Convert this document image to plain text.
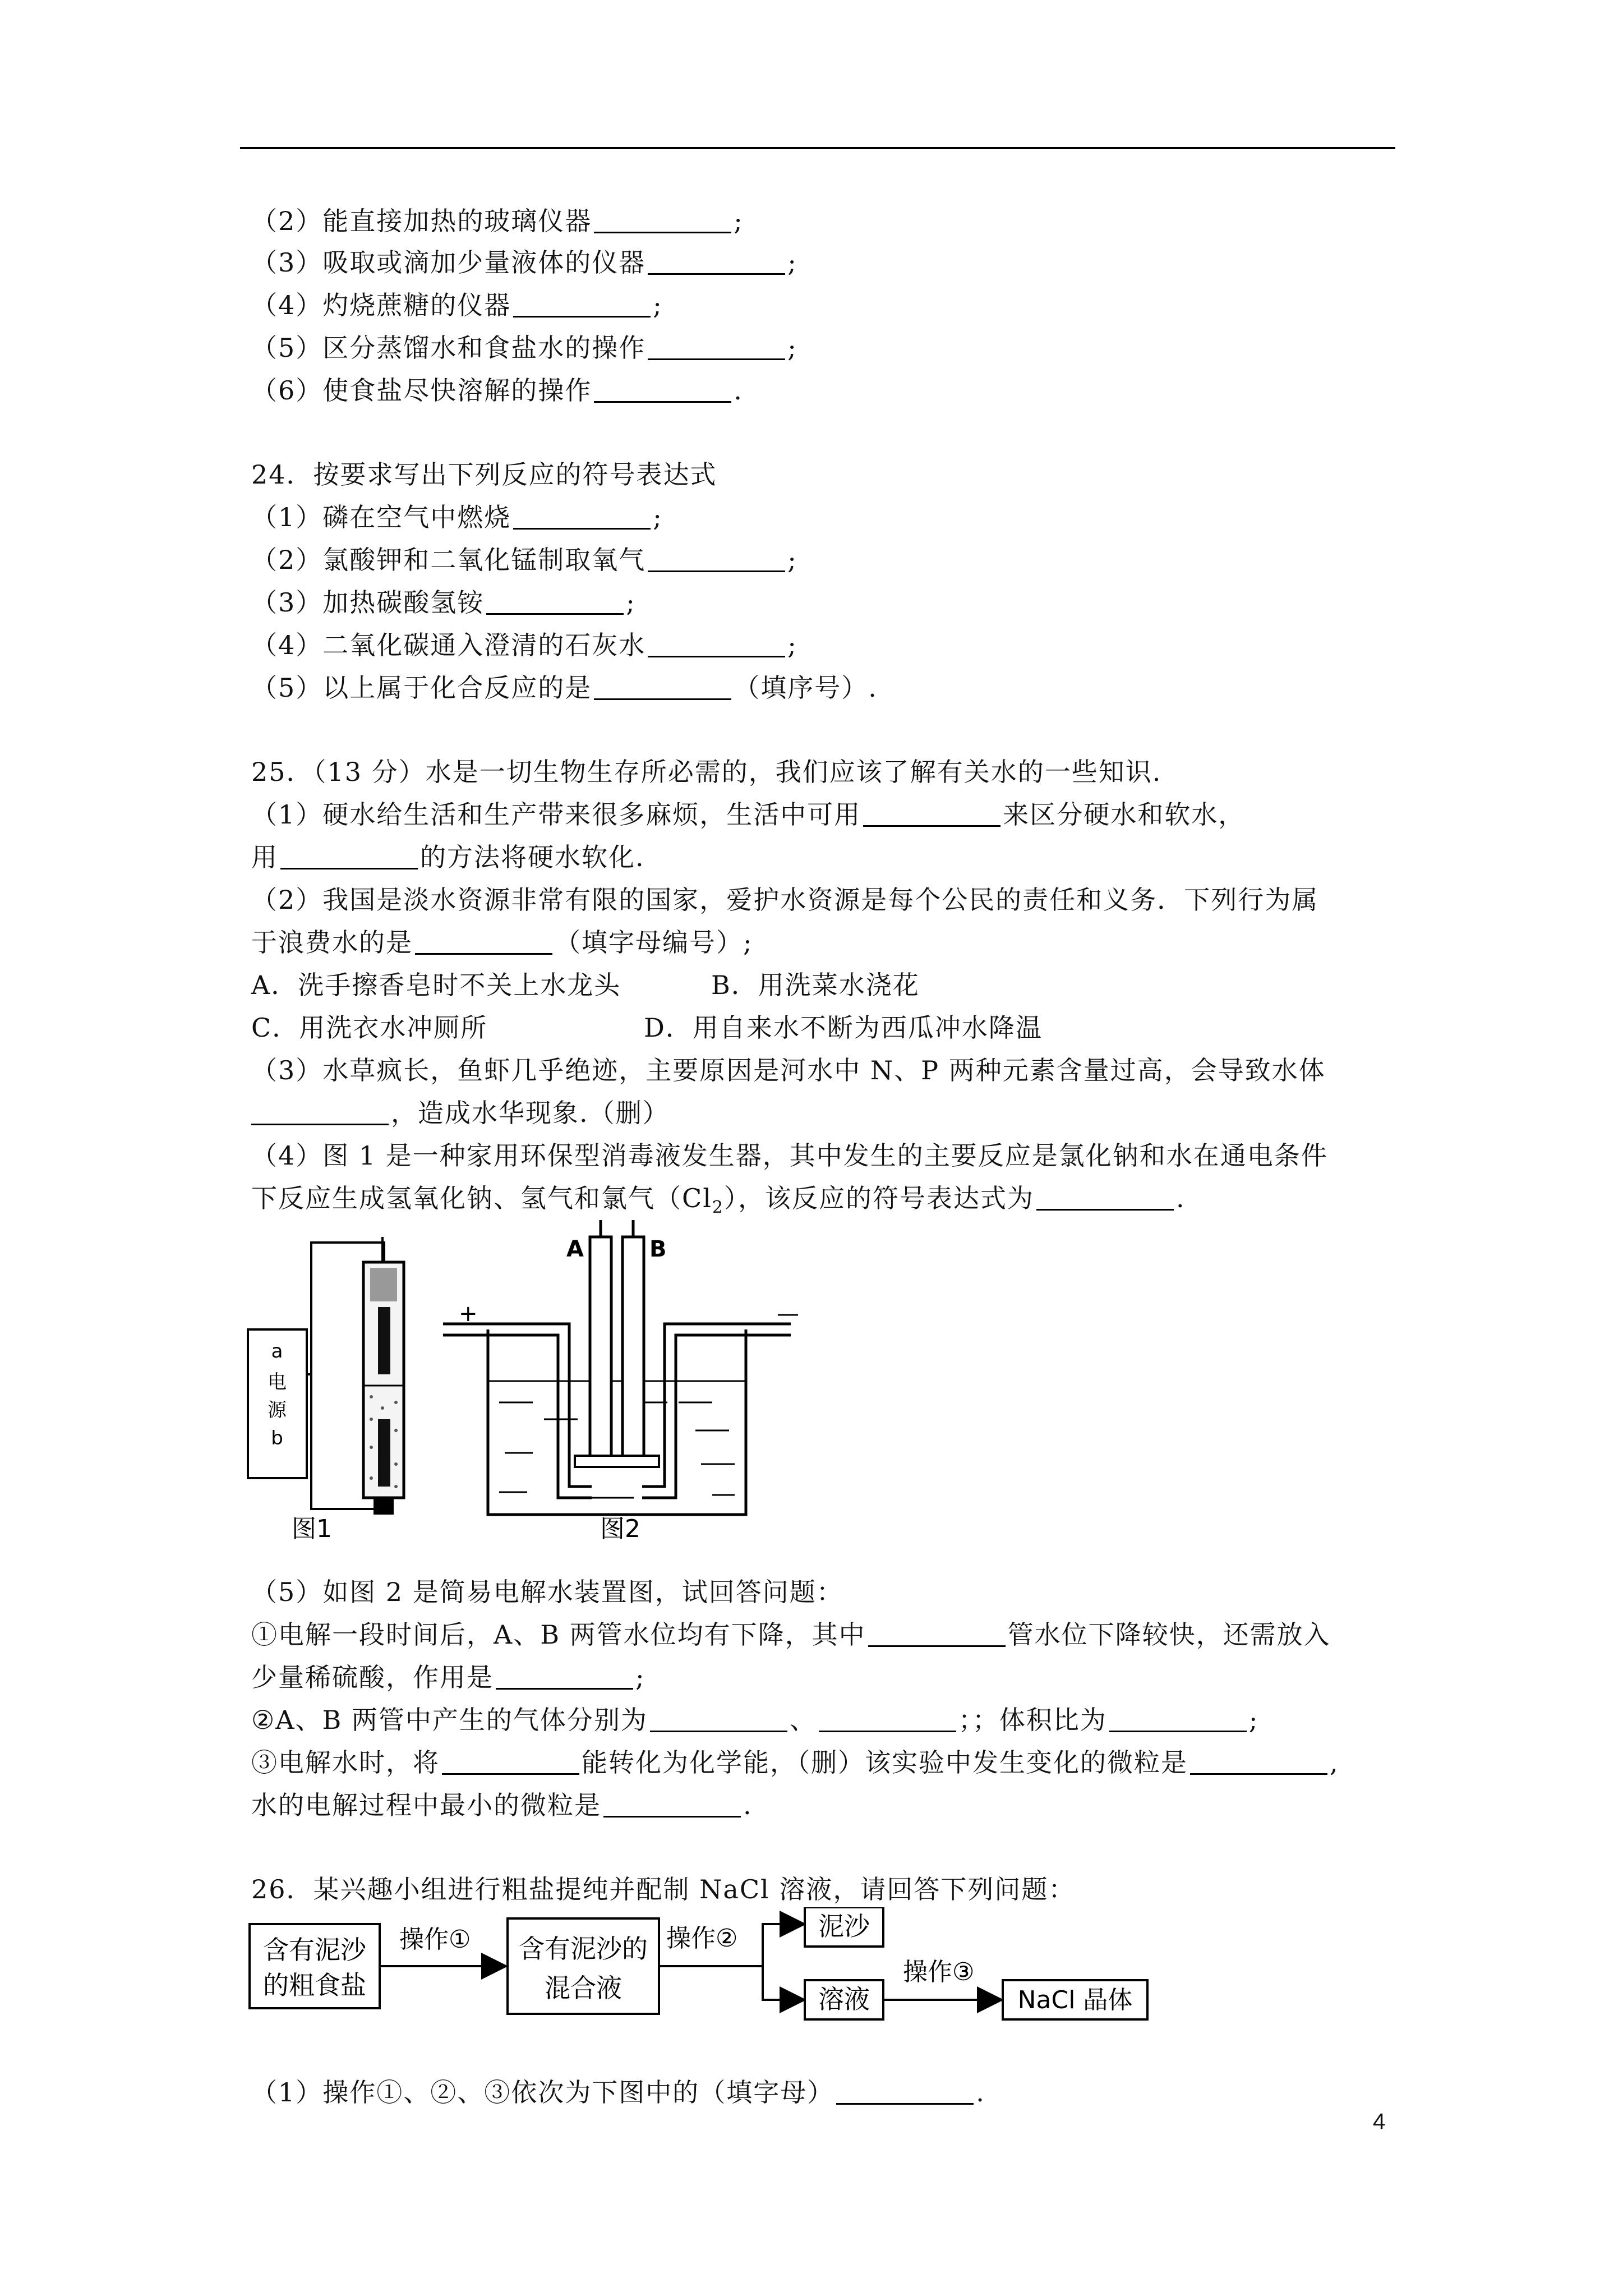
（2）能直接加热的玻璃仪器	;
（3）吸取或滴加少量液体的仪器	;
（4）灼烧蔗糖的仪器	;
（5）区分蒸馏水和食盐水的操作	;
（6）使食盐尽快溶解的操作	.
24．按要求写出下列反应的符号表达式
（1）磷在空气中燃烧	;
（2）氯酸钾和二氧化锰制取氧气	;
（3）加热碳酸氢铵	;
（4）二氧化碳通入澄清的石灰水	;
（5）以上属于化合反应的是	（填序号）.
25．（13 分）水是一切生物生存所必需的，我们应该了解有关水的一些知识.
（1）硬水给生活和生产带来很多麻烦，生活中可用	来区分硬水和软水，
用	的方法将硬水软化.
（2）我国是淡水资源非常有限的国家，爱护水资源是每个公民的责任和义务．下列行为属
于浪费水的是	（填字母编号）;
A．洗手擦香皂时不关上水龙头	B．用洗菜水浇花
C．用洗衣水冲厕所	D．用自来水不断为西瓜冲水降温
（3）水草疯长，鱼虾几乎绝迹，主要原因是河水中 N、P 两种元素含量过高，会导致水体
，造成水华现象.（删）
（4）图 1 是一种家用环保型消毒液发生器，其中发生的主要反应是氯化钠和水在通电条件
下反应生成氢氧化钠、氢气和氯气$(Cl_2)$，该反应的符号表达式为	.
a
电
源
b
图1
A	B
+	—
图2
（5）如图 2 是简易电解水装置图，试回答问题：
①电解一段时间后，A、B 两管水位均有下降，其中	管水位下降较快，还需放入
少量稀硫酸，作用是	;
②A、B 两管中产生的气体分别为	、	；；体积比为	;
③电解水时，将	能转化为化学能，（删）该实验中发生变化的微粒是	,
水的电解过程中最小的微粒是	.
26．某兴趣小组进行粗盐提纯并配制 NaCl 溶液，请回答下列问题：
含有泥沙
的粗食盐
操作① 含有泥沙的
混合液
操作②	泥沙
溶液
操作③
NaCl 晶体
（1）操作①、②、③依次为下图中的（填字母）	.
4
